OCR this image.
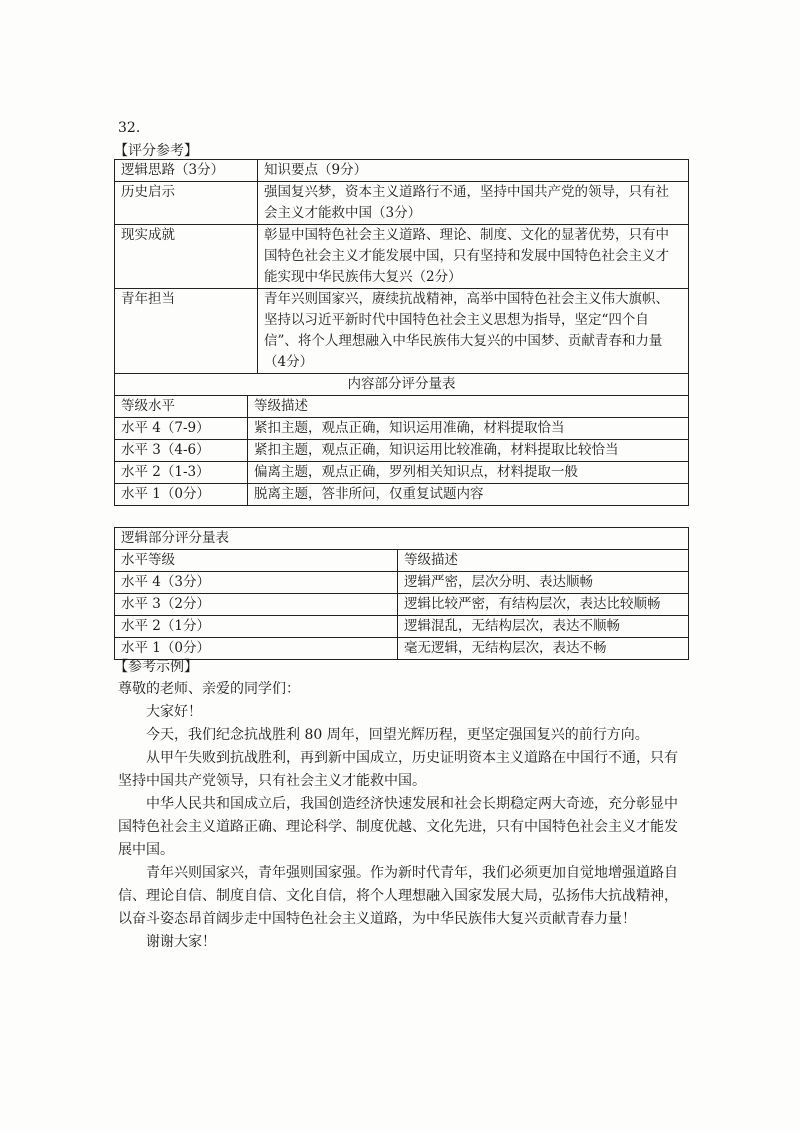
32.
【评分参考】
逻辑思路（3分）	知识要点（9分）
历史启示	强国复兴梦，资本主义道路行不通，坚持中国共产党的领导，只有社会主义才能救中国（3分）
现实成就	彰显中国特色社会主义道路、理论、制度、文化的显著优势，只有中国特色社会主义才能发展中国，只有坚持和发展中国特色社会主义才能实现中华民族伟大复兴（2分）
青年担当	青年兴则国家兴，赓续抗战精神，高举中国特色社会主义伟大旗帜、坚持以习近平新时代中国特色社会主义思想为指导，坚定“四个自信”、将个人理想融入中华民族伟大复兴的中国梦、贡献青春和力量（4分）
内容部分评分量表	
等级水平	等级描述
水平 4（7-9）	紧扣主题，观点正确，知识运用准确，材料提取恰当
水平 3（4-6）	紧扣主题，观点正确，知识运用比较准确，材料提取比较恰当
水平 2（1-3）	偏离主题，观点正确，罗列相关知识点，材料提取一般
水平 1（0分）	脱离主题，答非所问，仅重复试题内容
逻辑部分评分量表	
水平等级	等级描述
水平 4（3分）	逻辑严密，层次分明、表达顺畅
水平 3（2分）	逻辑比较严密，有结构层次，表达比较顺畅
水平 2（1分）	逻辑混乱，无结构层次，表达不顺畅
水平 1（0分）	毫无逻辑，无结构层次，表达不畅
【参考示例】

尊敬的老师、亲爱的同学们：

大家好！

今天，我们纪念抗战胜利 80 周年，回望光辉历程，更坚定强国复兴的前行方向。

从甲午失败到抗战胜利，再到新中国成立，历史证明资本主义道路在中国行不通，只有坚持中国共产党领导，只有社会主义才能救中国。

中华人民共和国成立后，我国创造经济快速发展和社会长期稳定两大奇迹，充分彰显中国特色社会主义道路正确、理论科学、制度优越、文化先进，只有中国特色社会主义才能发展中国。

青年兴则国家兴，青年强则国家强。作为新时代青年，我们必须更加自觉地增强道路自信、理论自信、制度自信、文化自信，将个人理想融入国家发展大局，弘扬伟大抗战精神，以奋斗姿态昂首阔步走中国特色社会主义道路，为中华民族伟大复兴贡献青春力量！

谢谢大家！
